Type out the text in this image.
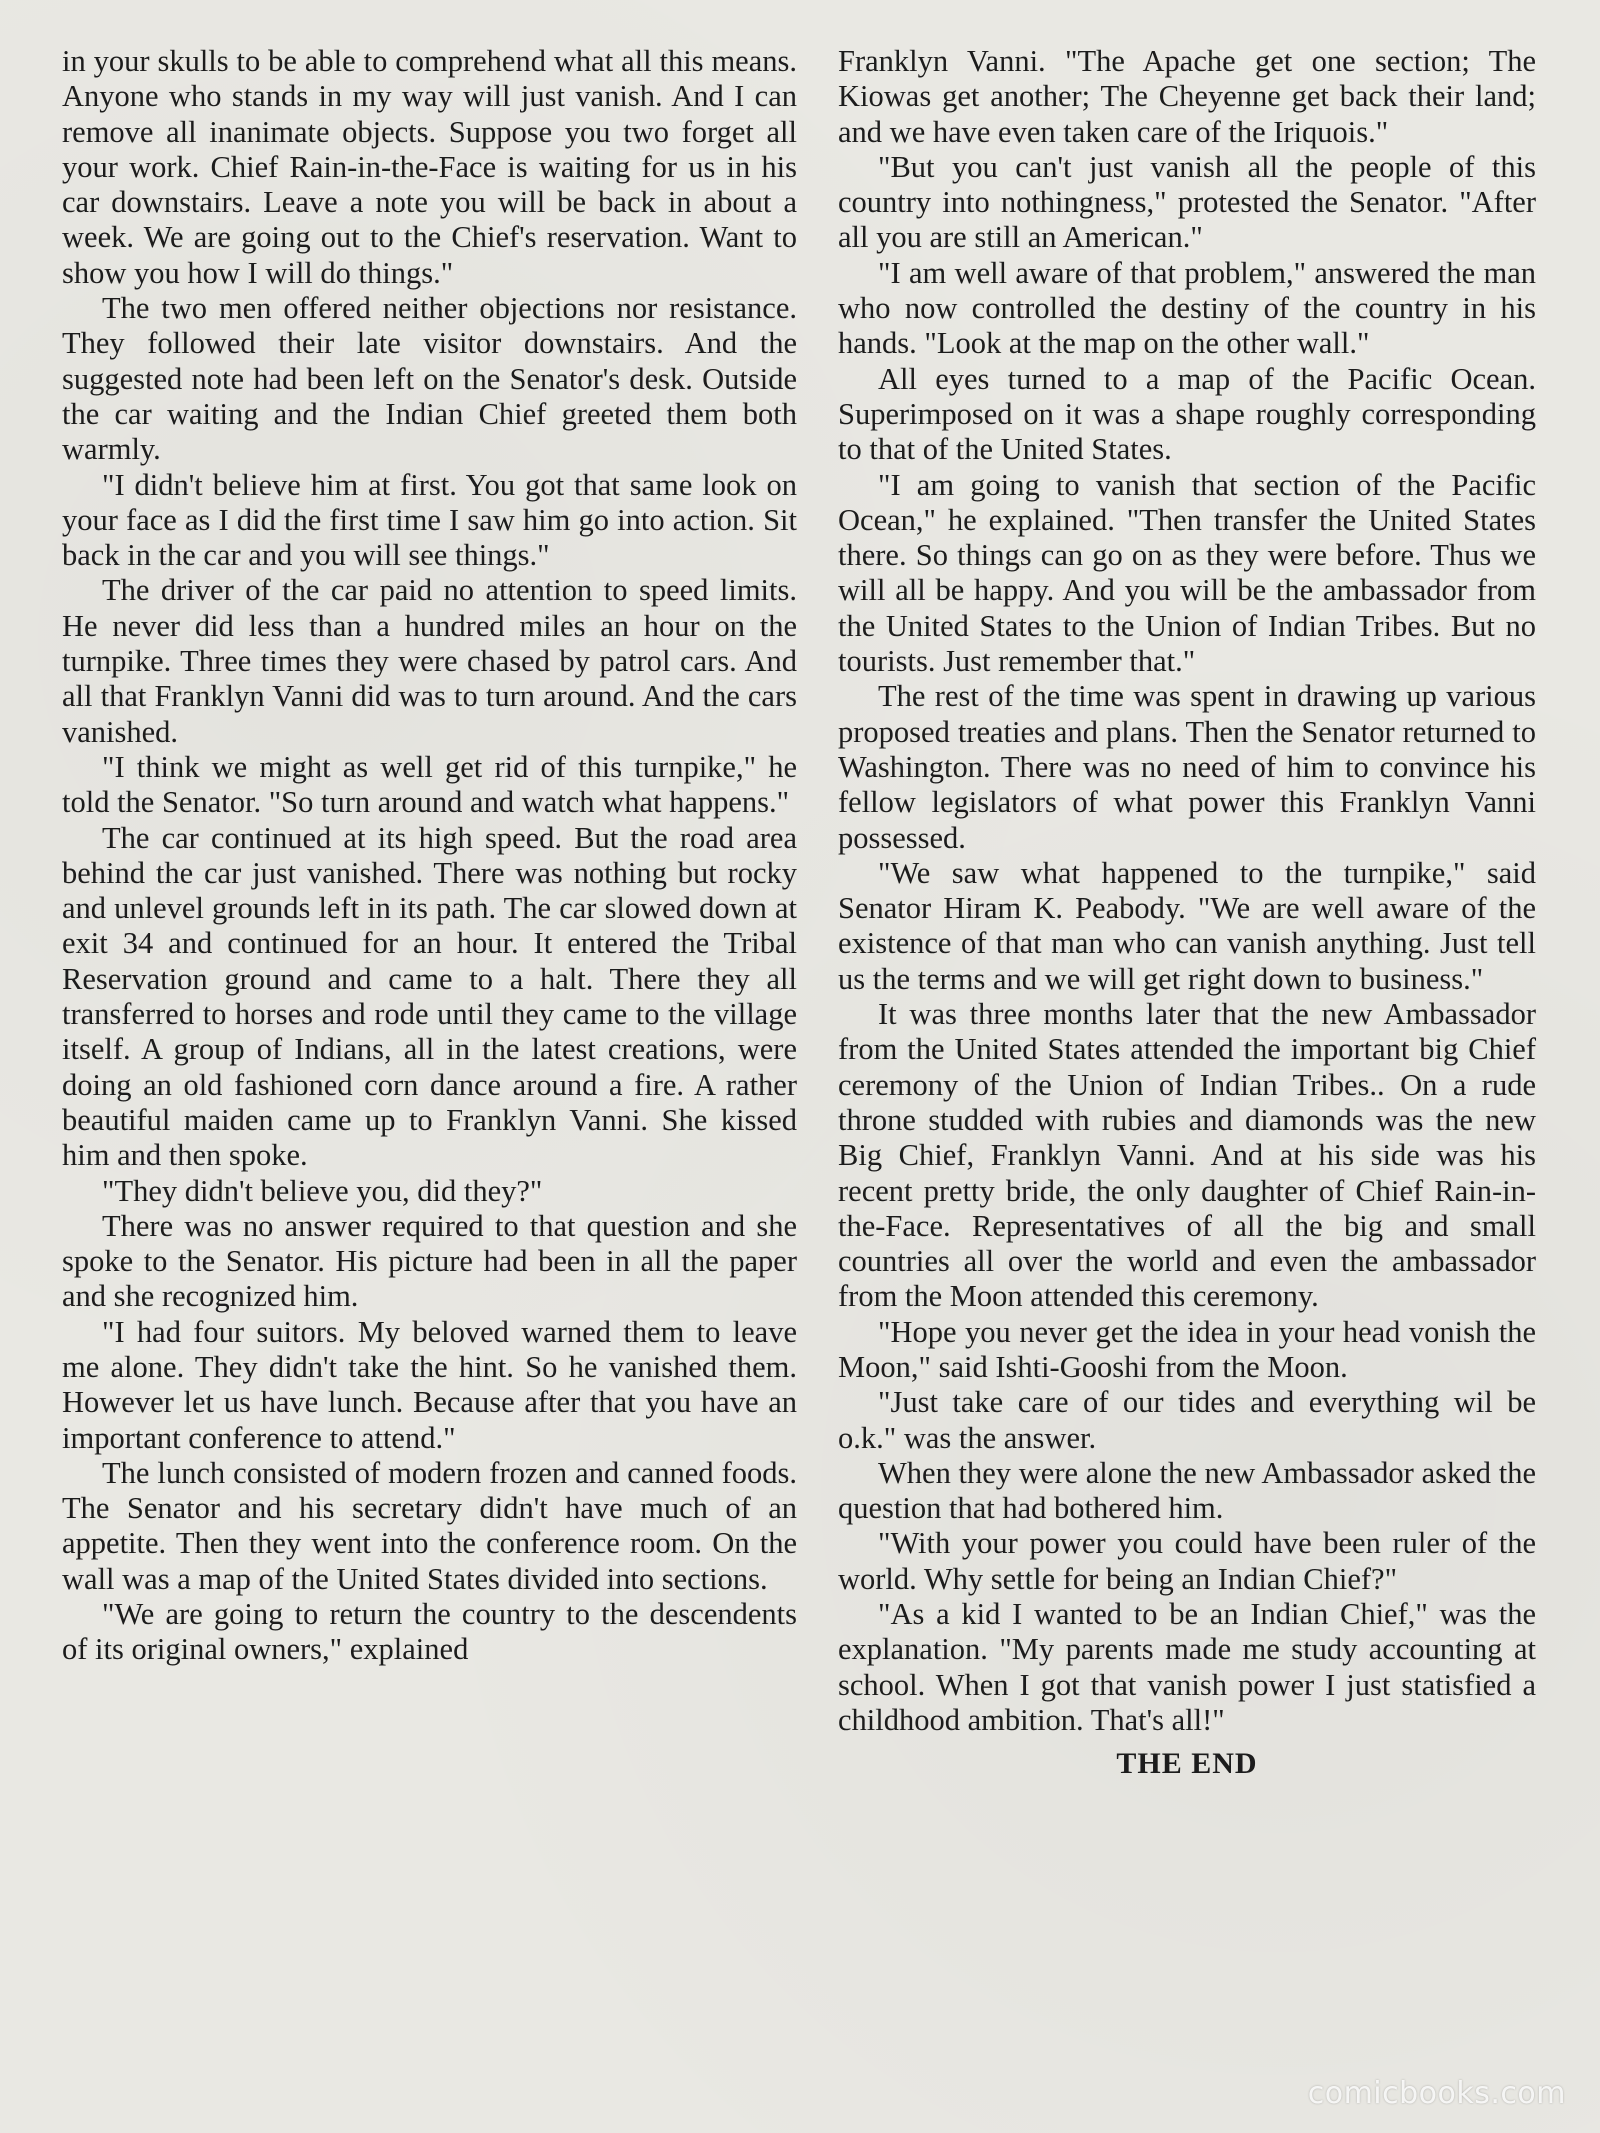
in your skulls to be able to comprehend what all this means. Anyone who stands in my way will just vanish. And I can remove all inanimate objects. Suppose you two forget all your work. Chief Rain-in-the-Face is waiting for us in his car downstairs. Leave a note you will be back in about a week. We are going out to the Chief's reservation. Want to show you how I will do things."

The two men offered neither objections nor resistance. They followed their late visitor downstairs. And the suggested note had been left on the Senator's desk. Outside the car waiting and the Indian Chief greeted them both warmly.

"I didn't believe him at first. You got that same look on your face as I did the first time I saw him go into action. Sit back in the car and you will see things."

The driver of the car paid no attention to speed limits. He never did less than a hundred miles an hour on the turnpike. Three times they were chased by patrol cars. And all that Franklyn Vanni did was to turn around. And the cars vanished.

"I think we might as well get rid of this turnpike," he told the Senator. "So turn around and watch what happens."

The car continued at its high speed. But the road area behind the car just vanished. There was nothing but rocky and unlevel grounds left in its path. The car slowed down at exit 34 and continued for an hour. It entered the Tribal Reservation ground and came to a halt. There they all transferred to horses and rode until they came to the village itself. A group of Indians, all in the latest creations, were doing an old fashioned corn dance around a fire. A rather beautiful maiden came up to Franklyn Vanni. She kissed him and then spoke.

"They didn't believe you, did they?"

There was no answer required to that question and she spoke to the Senator. His picture had been in all the paper and she recognized him.

"I had four suitors. My beloved warned them to leave me alone. They didn't take the hint. So he vanished them. However let us have lunch. Because after that you have an important conference to attend."

The lunch consisted of modern frozen and canned foods. The Senator and his secretary didn't have much of an appetite. Then they went into the conference room. On the wall was a map of the United States divided into sections.

"We are going to return the country to the descendents of its original owners," explained

Franklyn Vanni. "The Apache get one section; The Kiowas get another; The Cheyenne get back their land; and we have even taken care of the Iriquois."

"But you can't just vanish all the people of this country into nothingness," protested the Senator. "After all you are still an American."

"I am well aware of that problem," answered the man who now controlled the destiny of the country in his hands. "Look at the map on the other wall."

All eyes turned to a map of the Pacific Ocean. Superimposed on it was a shape roughly corresponding to that of the United States.

"I am going to vanish that section of the Pacific Ocean," he explained. "Then transfer the United States there. So things can go on as they were before. Thus we will all be happy. And you will be the ambassador from the United States to the Union of Indian Tribes. But no tourists. Just remember that."

The rest of the time was spent in drawing up various proposed treaties and plans. Then the Senator returned to Washington. There was no need of him to convince his fellow legislators of what power this Franklyn Vanni possessed.

"We saw what happened to the turnpike," said Senator Hiram K. Peabody. "We are well aware of the existence of that man who can vanish anything. Just tell us the terms and we will get right down to business."

It was three months later that the new Ambassador from the United States attended the important big Chief ceremony of the Union of Indian Tribes.. On a rude throne studded with rubies and diamonds was the new Big Chief, Franklyn Vanni. And at his side was his recent pretty bride, the only daughter of Chief Rain-in-the-Face. Representatives of all the big and small countries all over the world and even the ambassador from the Moon attended this ceremony.

"Hope you never get the idea in your head vonish the Moon," said Ishti-Gooshi from the Moon.

"Just take care of our tides and everything wil be o.k." was the answer.

When they were alone the new Ambassador asked the question that had bothered him.

"With your power you could have been ruler of the world. Why settle for being an Indian Chief?"

"As a kid I wanted to be an Indian Chief," was the explanation. "My parents made me study accounting at school. When I got that vanish power I just statisfied a childhood ambition. That's all!"

THE END
comicbooks.com
